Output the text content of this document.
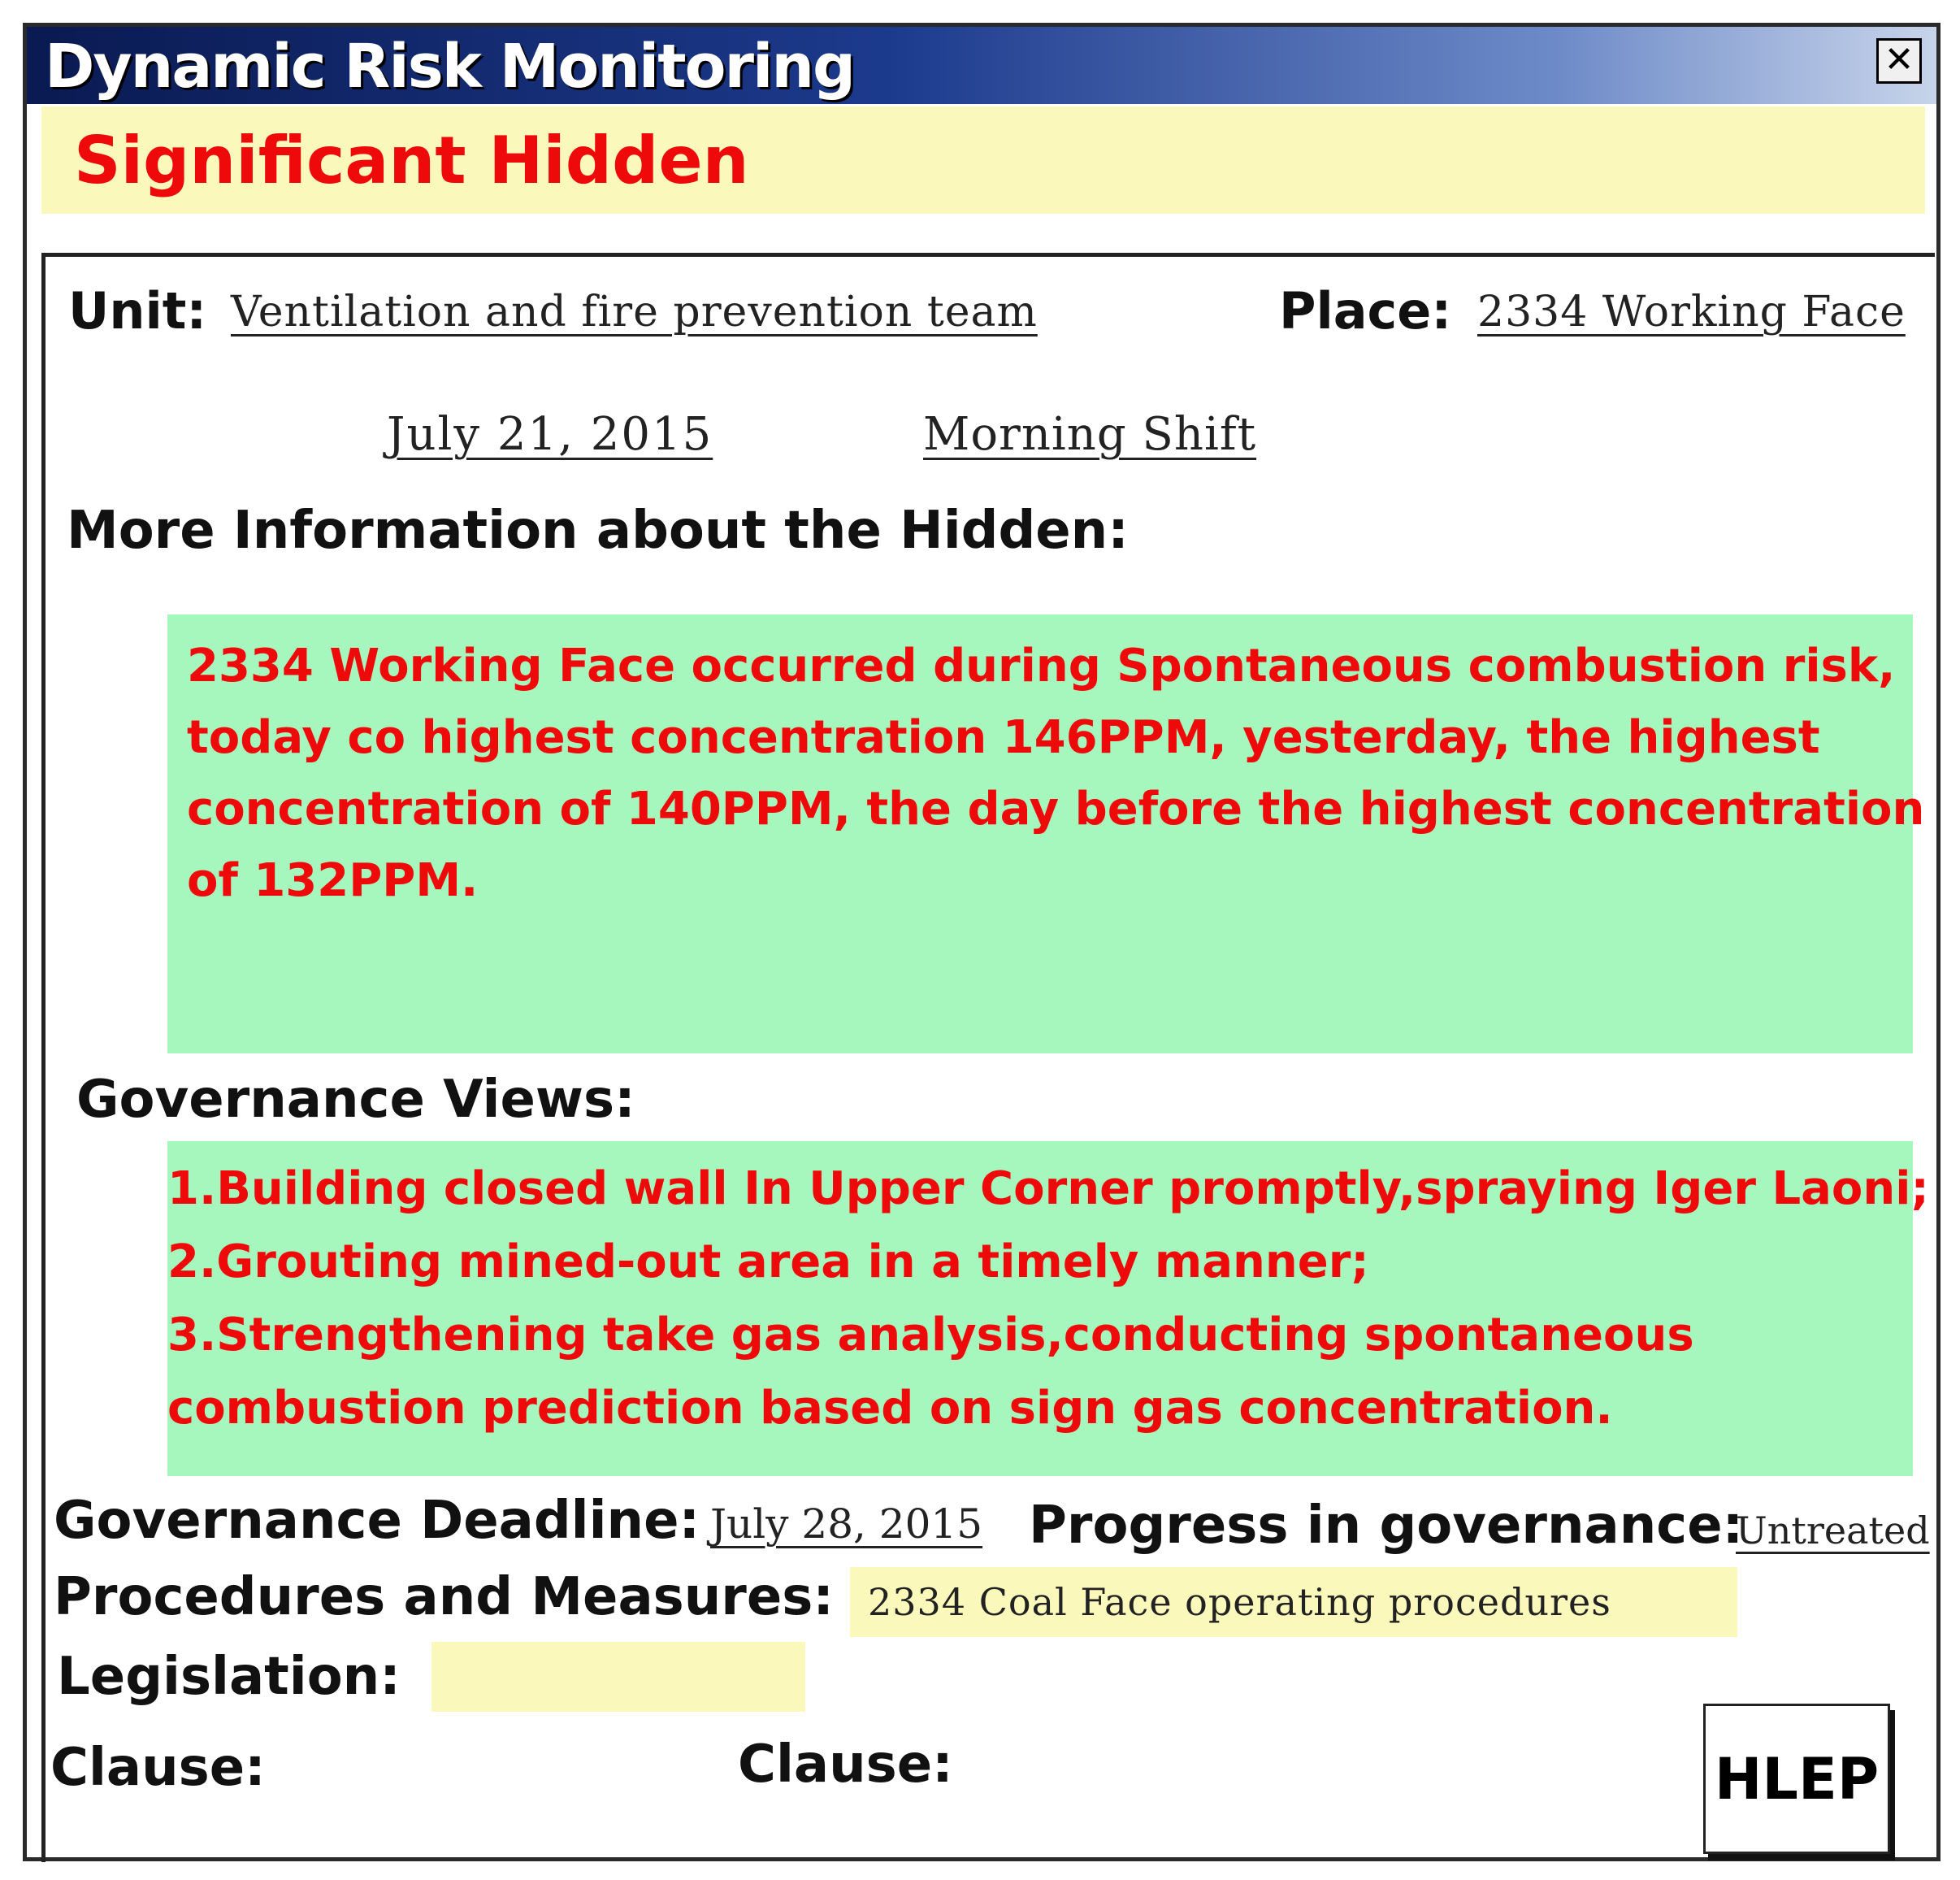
Dynamic Risk Monitoring	✕
Significant Hidden
Unit: Ventilation and fire prevention team	Place: 2334 Working Face
July 21, 2015	Morning Shift
More Information about the Hidden:
2334 Working Face occurred during Spontaneous combustion risk,
today co highest concentration 146PPM, yesterday, the highest
concentration of 140PPM, the day before the highest concentration
of 132PPM.
Governance Views:
1.Building closed wall In Upper Corner promptly,spraying Iger Laoni;
2.Grouting mined-out area in a timely manner;
3.Strengthening take gas analysis,conducting spontaneous
combustion prediction based on sign gas concentration.
Governance Deadline: July 28, 2015 Progress in governance:
Untreated
Procedures and Measures: 2334 Coal Face operating procedures
Legislation:
Clause:	Clause:	HLEP
